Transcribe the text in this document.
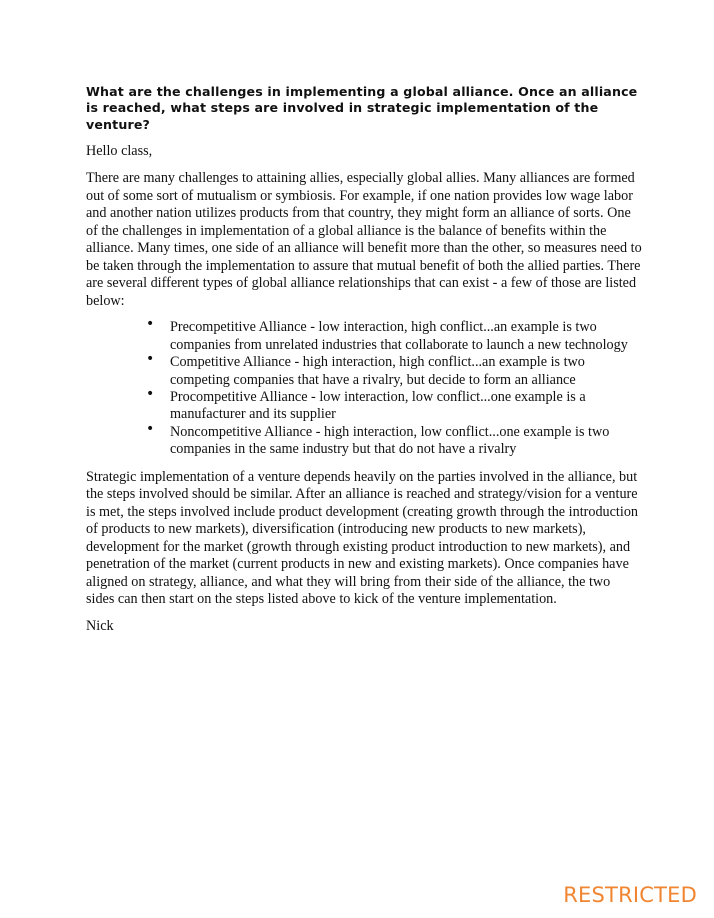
What are the challenges in implementing a global alliance. Once an alliance is reached, what steps are involved in strategic implementation of the venture?
Hello class,
There are many challenges to attaining allies, especially global allies. Many alliances are formed out of some sort of mutualism or symbiosis. For example, if one nation provides low wage labor and another nation utilizes products from that country, they might form an alliance of sorts. One of the challenges in implementation of a global alliance is the balance of benefits within the alliance. Many times, one side of an alliance will benefit more than the other, so measures need to be taken through the implementation to assure that mutual benefit of both the allied parties. There are several different types of global alliance relationships that can exist - a few of those are listed below:
• Precompetitive Alliance - low interaction, high conflict...an example is two companies from unrelated industries that collaborate to launch a new technology
• Competitive Alliance - high interaction, high conflict...an example is two competing companies that have a rivalry, but decide to form an alliance
• Procompetitive Alliance - low interaction, low conflict...one example is a manufacturer and its supplier
• Noncompetitive Alliance - high interaction, low conflict...one example is two companies in the same industry but that do not have a rivalry
Strategic implementation of a venture depends heavily on the parties involved in the alliance, but the steps involved should be similar. After an alliance is reached and strategy/vision for a venture is met, the steps involved include product development (creating growth through the introduction of products to new markets), diversification (introducing new products to new markets), development for the market (growth through existing product introduction to new markets), and penetration of the market (current products in new and existing markets). Once companies have aligned on strategy, alliance, and what they will bring from their side of the alliance, the two sides can then start on the steps listed above to kick of the venture implementation.
Nick
RESTRICTED
